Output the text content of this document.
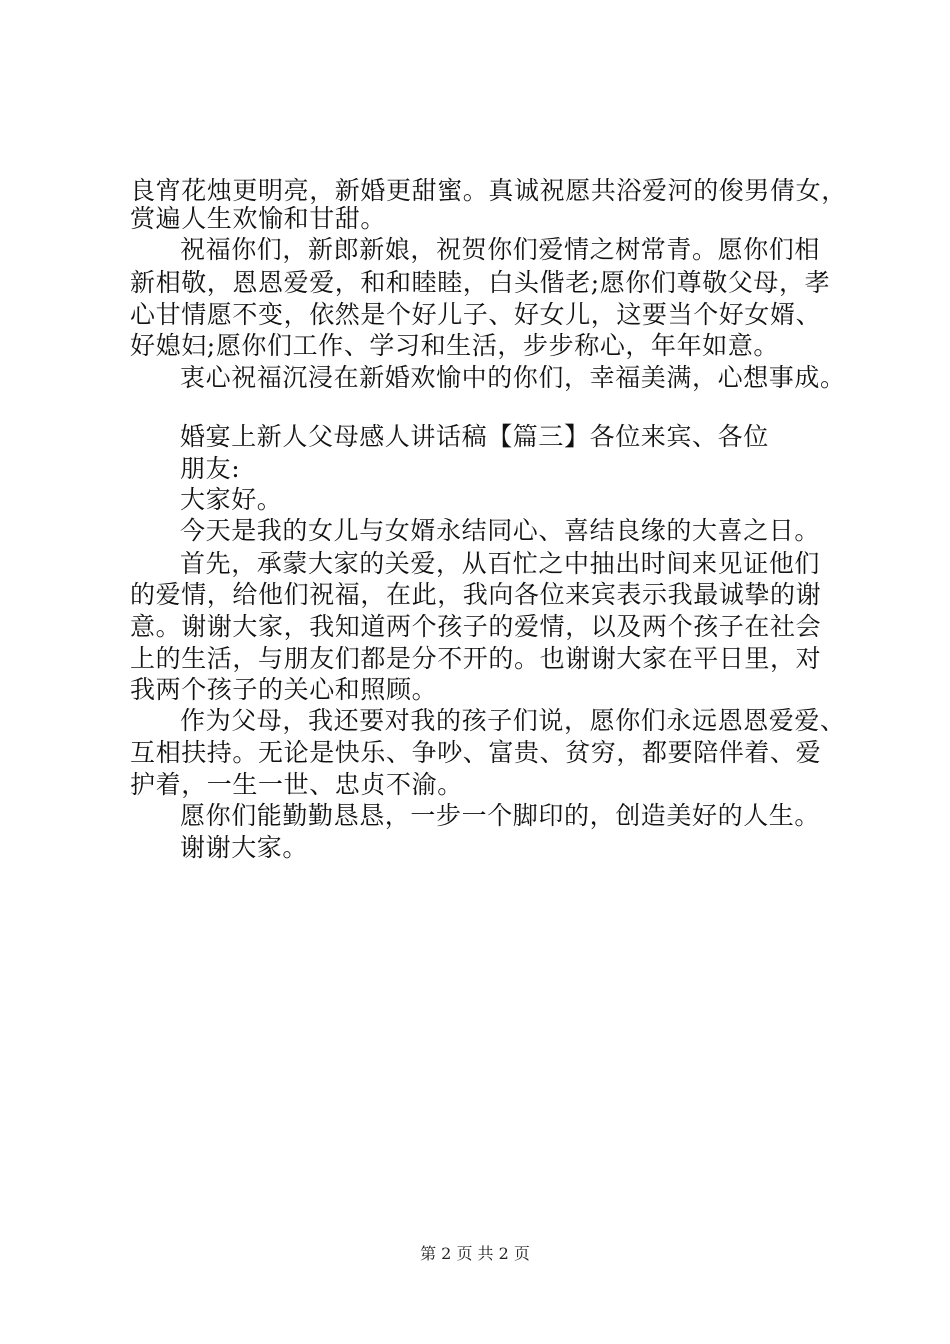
良宵花烛更明亮，新婚更甜蜜。真诚祝愿共浴爱河的俊男倩女，
赏遍人生欢愉和甘甜。
祝福你们，新郎新娘，祝贺你们爱情之树常青。愿你们相
新相敬，恩恩爱爱，和和睦睦，白头偕老;愿你们尊敬父母，孝
心甘情愿不变，依然是个好儿子、好女儿，这要当个好女婿、
好媳妇;愿你们工作、学习和生活，步步称心，年年如意。
衷心祝福沉浸在新婚欢愉中的你们，幸福美满，心想事成。
婚宴上新人父母感人讲话稿【篇三】各位来宾、各位
朋友:
大家好。
今天是我的女儿与女婿永结同心、喜结良缘的大喜之日。
首先，承蒙大家的关爱，从百忙之中抽出时间来见证他们
的爱情，给他们祝福，在此，我向各位来宾表示我最诚挚的谢
意。谢谢大家，我知道两个孩子的爱情，以及两个孩子在社会
上的生活，与朋友们都是分不开的。也谢谢大家在平日里，对
我两个孩子的关心和照顾。
作为父母，我还要对我的孩子们说，愿你们永远恩恩爱爱、
互相扶持。无论是快乐、争吵、富贵、贫穷，都要陪伴着、爱
护着，一生一世、忠贞不渝。
愿你们能勤勤恳恳，一步一个脚印的，创造美好的人生。
谢谢大家。
第 2 页 共 2 页
